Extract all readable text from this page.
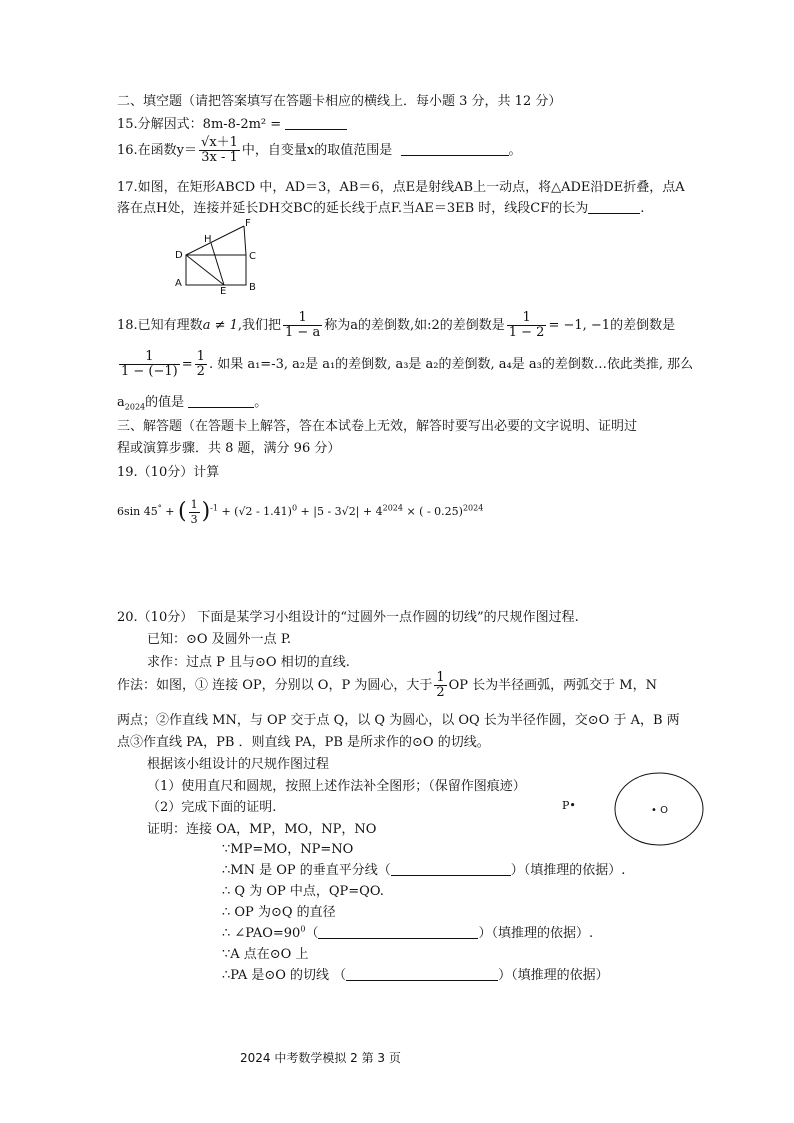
二、填空题（请把答案填写在答题卡相应的横线上．每小题 3 分，共 12 分）
15.分解因式：8m-8-2m² =
16.在函数$y= \frac{√x+1}{3x - 1}$ 中，自变量x的取值范围是	。
17.如图，在矩形ABCD 中，AD＝3，AB＝6，点E是射线AB上一动点，将△ADE沿DE折叠，点A
落在点H处，连接并延长DH交BC的延长线于点F.当AE＝3EB 时，线段CF的长为	.
F
H
D	C
A
E B
18.已知有理数a ≠ 1,我们把 $\frac{1}{1 - a}$ 称为a的差倒数,如:2的差倒数是 $\frac{1}{1 - 2} = -1$, −1的差倒数是
$\frac{1}{1 - (-1)} = \frac{1}{2}$ . 如果 a₁=-3, a₂是 a₁的差倒数, a₃是 a₂的差倒数, a₄是 a₃的差倒数…依此类推, 那么
$a_{2024}$的值是	。
三、解答题（在答题卡上解答，答在本试卷上无效，解答时要写出必要的文字说明、证明过
程或演算步骤．共 8 题，满分 96 分）
19.（10分）计算
6sin 45° + ( $\frac{1}{3} )^{-1} + (√2 - 1.41)^0 + |5 - 3√2| + 4^{2024}$ × ( - 0.25)$^{2024}$
20.（10分） 下面是某学习小组设计的“过圆外一点作圆的切线”的尺规作图过程.
已知：⊙O 及圆外一点 P.
求作：过点 P 且与⊙O 相切的直线.
作法：如图，① 连接 OP，分别以 O，P 为圆心，大于 $\frac{1}{2}$ OP 长为半径画弧，两弧交于 M，N
两点；②作直线 MN，与 OP 交于点 Q，以 Q 为圆心，以 OQ 长为半径作圆，交⊙O 于 A，B 两
点③作直线 PA，PB ．则直线 PA，PB 是所求作的⊙O 的切线。
根据该小组设计的尺规作图过程
（1）使用直尺和圆规，按照上述作法补全图形；（保留作图痕迹）
（2）完成下面的证明.
证明：连接 OA，MP，MO，NP，NO
∵MP=MO，NP=NO
∴MN 是 OP 的垂直平分线（	）（填推理的依据）.
∴ Q 为 OP 中点，QP=QO.
∴ OP 为⊙Q 的直径
∴ $\angle PAO=90^0$（	）（填推理的依据）.
∵A 点在⊙O 上
∴PA 是⊙O 的切线 （	）（填推理的依据）
P•	• O
2024 中考数学模拟 2 第 3 页
